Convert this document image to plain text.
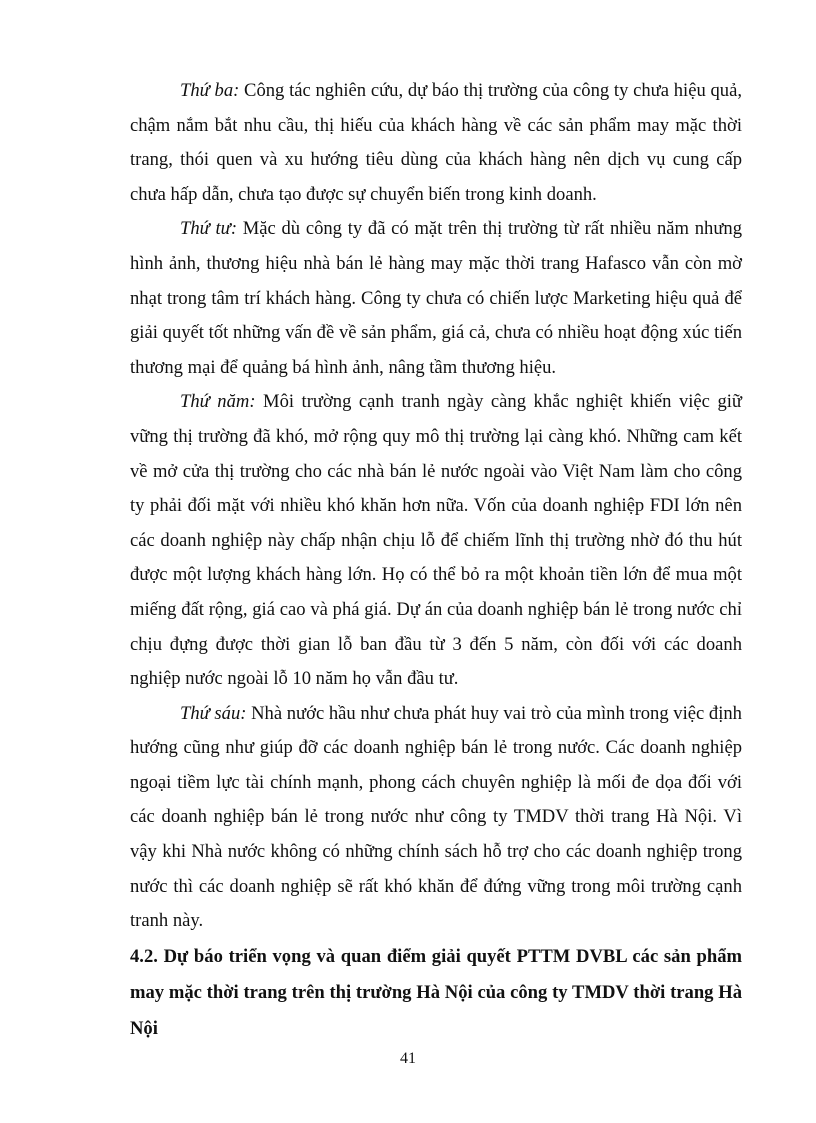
Thứ ba: Công tác nghiên cứu, dự báo thị trường của công ty chưa hiệu quả, chậm nắm bắt nhu cầu, thị hiếu của khách hàng về các sản phẩm may mặc thời trang, thói quen và xu hướng tiêu dùng của khách hàng nên dịch vụ cung cấp chưa hấp dẫn, chưa tạo được sự chuyển biến trong kinh doanh.

Thứ tư: Mặc dù công ty đã có mặt trên thị trường từ rất nhiều năm nhưng hình ảnh, thương hiệu nhà bán lẻ hàng may mặc thời trang Hafasco vẫn còn mờ nhạt trong tâm trí khách hàng. Công ty chưa có chiến lược Marketing hiệu quả để giải quyết tốt những vấn đề về sản phẩm, giá cả, chưa có nhiều hoạt động xúc tiến thương mại để quảng bá hình ảnh, nâng tầm thương hiệu.

Thứ năm: Môi trường cạnh tranh ngày càng khắc nghiệt khiến việc giữ vững thị trường đã khó, mở rộng quy mô thị trường lại càng khó. Những cam kết về mở cửa thị trường cho các nhà bán lẻ nước ngoài vào Việt Nam làm cho công ty phải đối mặt với nhiều khó khăn hơn nữa. Vốn của doanh nghiệp FDI lớn nên các doanh nghiệp này chấp nhận chịu lỗ để chiếm lĩnh thị trường nhờ đó thu hút được một lượng khách hàng lớn. Họ có thể bỏ ra một khoản tiền lớn để mua một miếng đất rộng, giá cao và phá giá. Dự án của doanh nghiệp bán lẻ trong nước chỉ chịu đựng được thời gian lỗ ban đầu từ 3 đến 5 năm, còn đối với các doanh nghiệp nước ngoài lỗ 10 năm họ vẫn đầu tư.

Thứ sáu: Nhà nước hầu như chưa phát huy vai trò của mình trong việc định hướng cũng như giúp đỡ các doanh nghiệp bán lẻ trong nước. Các doanh nghiệp ngoại tiềm lực tài chính mạnh, phong cách chuyên nghiệp là mối đe dọa đối với các doanh nghiệp bán lẻ trong nước như công ty TMDV thời trang Hà Nội. Vì vậy khi Nhà nước không có những chính sách hỗ trợ cho các doanh nghiệp trong nước thì các doanh nghiệp sẽ rất khó khăn để đứng vững trong môi trường cạnh tranh này.

4.2. Dự báo triển vọng và quan điểm giải quyết PTTM DVBL các sản phẩm may mặc thời trang trên thị trường Hà Nội của công ty TMDV thời trang Hà Nội

41
